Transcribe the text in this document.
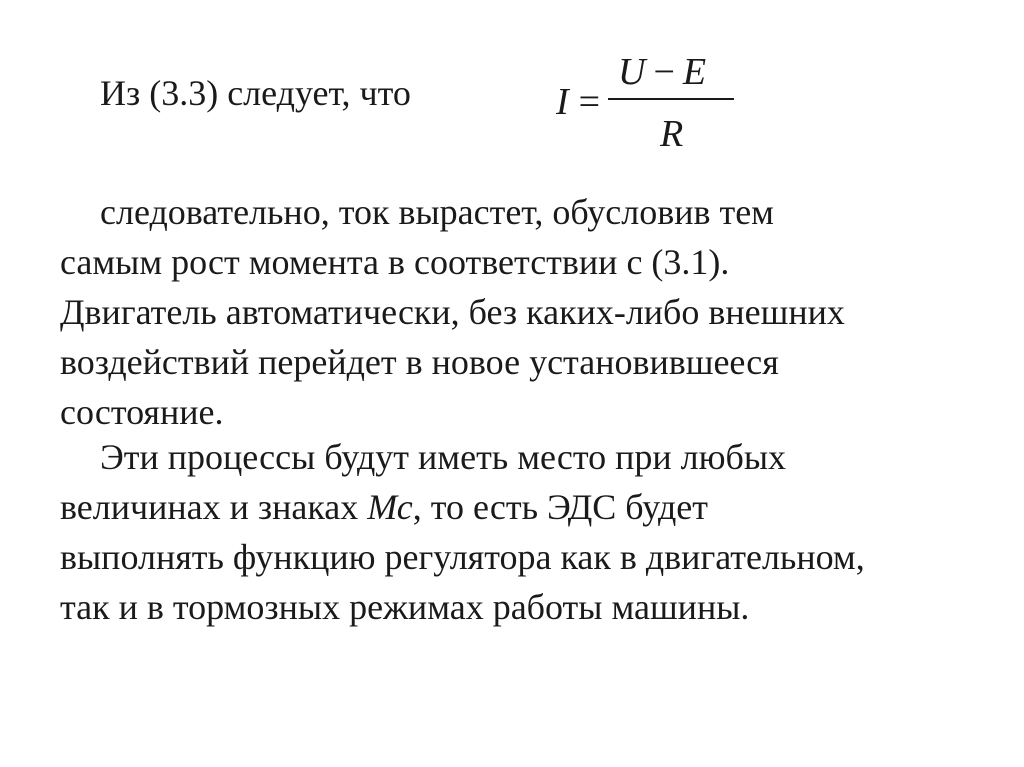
Из (3.3) следует, что	I =
U − E
R

следовательно, ток вырастет, обусловив тем
самым рост момента в соответствии с (3.1).
Двигатель автоматически, без каких-либо внешних
воздействий перейдет в новое установившееся
состояние.

Эти процессы будут иметь место при любых
величинах и знаках Мс, то есть ЭДС будет
выполнять функцию регулятора как в двигательном,
так и в тормозных режимах работы машины.
